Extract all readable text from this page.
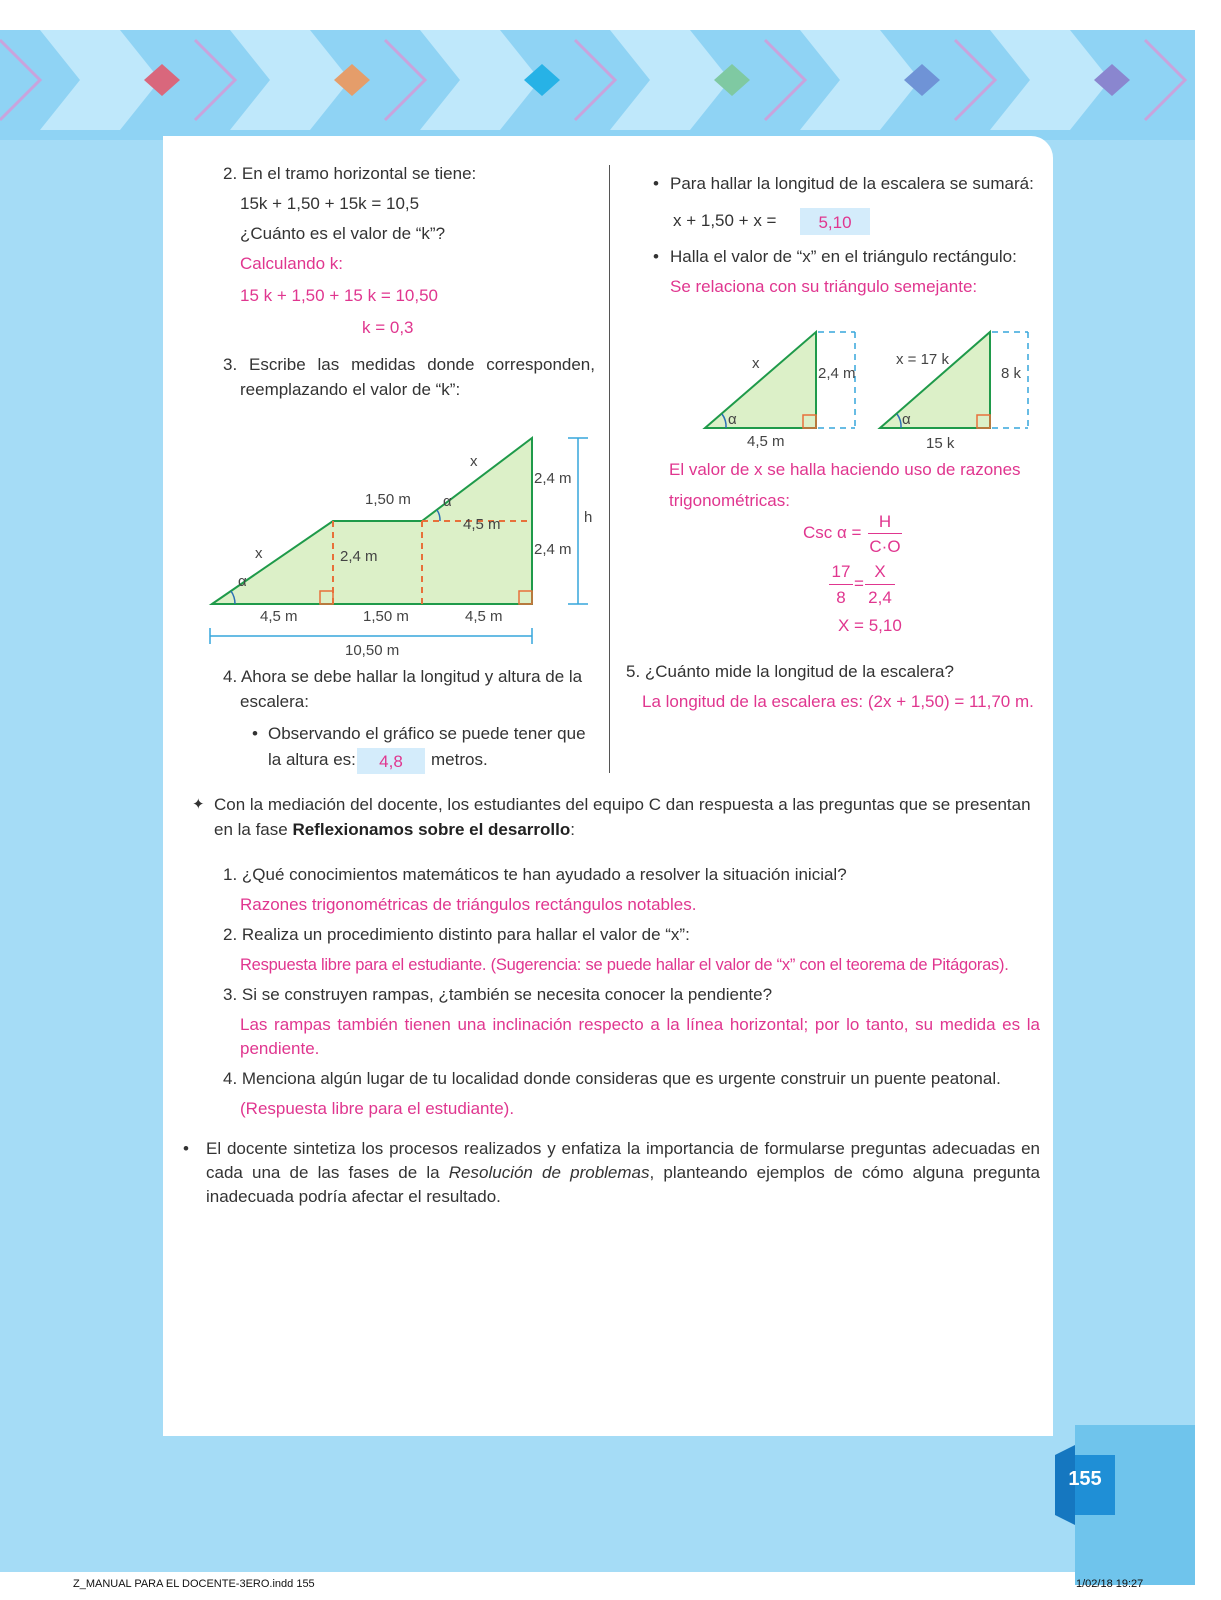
2. En el tramo horizontal se tiene:
15k + 1,50 + 15k = 10,5
¿Cuánto es el valor de “k”?
Calculando k:
15 k + 1,50 + 15 k = 10,50
k = 0,3
3. Escribe las medidas donde corresponden,
reemplazando el valor de “k”:
x
x
α
α
1,50 m
4,5 m
2,4 m
2,4 m
2,4 m
h
4,5 m	1,50 m	4,5 m
10,50 m
4. Ahora se debe hallar la longitud y altura de la
escalera:
• Observando el gráfico se puede tener que
la altura es:	4,8	metros.
• Para hallar la longitud de la escalera se sumará:
x + 1,50 + x =	5,10
• Halla el valor de “x” en el triángulo rectángulo:
Se relaciona con su triángulo semejante:
x
2,4 m
α
4,5 m
x = 17 k
8 k
α
15 k
El valor de x se halla haciendo uso de razones
trigonométricas:
Csc α =
H
C·O
17
8
=
X
2,4
X = 5,10
5. ¿Cuánto mide la longitud de la escalera?
La longitud de la escalera es: (2x + 1,50) = 11,70 m.
✦ Con la mediación del docente, los estudiantes del equipo C dan respuesta a las preguntas que se presentan
en la fase Reflexionamos sobre el desarrollo:
1. ¿Qué conocimientos matemáticos te han ayudado a resolver la situación inicial?
Razones trigonométricas de triángulos rectángulos notables.
2. Realiza un procedimiento distinto para hallar el valor de “x”:
Respuesta libre para el estudiante. (Sugerencia: se puede hallar el valor de “x” con el teorema de Pitágoras).
3. Si se construyen rampas, ¿también se necesita conocer la pendiente?
Las rampas también tienen una inclinación respecto a la línea horizontal; por lo tanto, su medida es la pendiente.
4. Menciona algún lugar de tu localidad donde consideras que es urgente construir un puente peatonal.
(Respuesta libre para el estudiante).
• El docente sintetiza los procesos realizados y enfatiza la importancia de formularse preguntas adecuadas en cada una de las fases de la Resolución de problemas, planteando ejemplos de cómo alguna pregunta inadecuada podría afectar el resultado.
155
Z_MANUAL PARA EL DOCENTE-3ERO.indd 155	1/02/18 19:27
